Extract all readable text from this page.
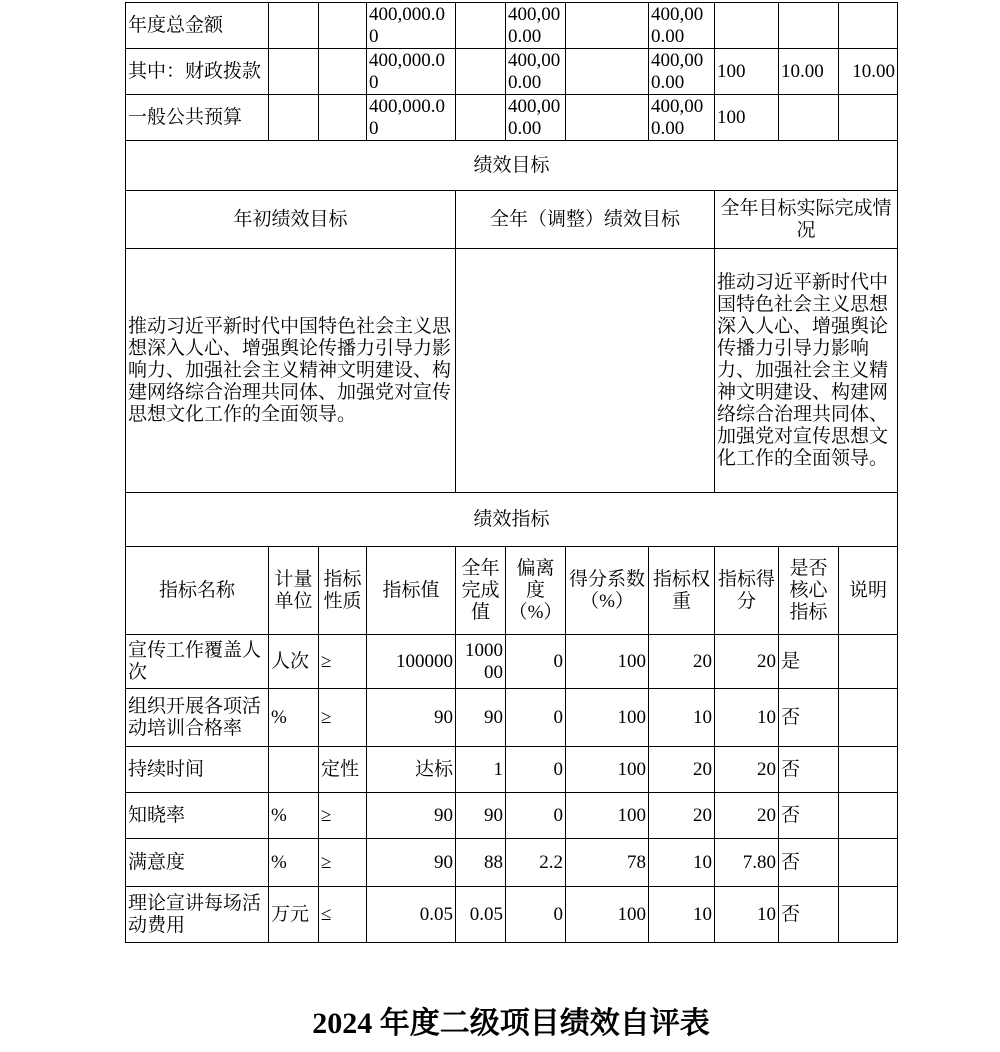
年度总金额			400,000.00		400,000.00		400,000.00			
其中：财政拨款			400,000.00		400,000.00		400,000.00	100	10.00	10.00
一般公共预算			400,000.00		400,000.00		400,000.00	100		
绩效目标										
年初绩效目标				全年（调整）绩效目标				全年目标实际完成情况		
推动习近平新时代中国特色社会主义思想深入人心、增强舆论传播力引导力影响力、加强社会主义精神文明建设、构建网络综合治理共同体、加强党对宣传思想文化工作的全面领导。								推动习近平新时代中国特色社会主义思想深入人心、增强舆论传播力引导力影响力、加强社会主义精神文明建设、构建网络综合治理共同体、加强党对宣传思想文化工作的全面领导。		
绩效指标										
指标名称	计量单位	指标性质	指标值	全年完成值	偏离度（%）	得分系数（%）	指标权重	指标得分	是否核心指标	说明
宣传工作覆盖人次	人次	≥	100000	100000	0	100	20	20	是	
组织开展各项活动培训合格率	%	≥	90	90	0	100	10	10	否	
持续时间		定性	达标	1	0	100	20	20	否	
知晓率	%	≥	90	90	0	100	20	20	否	
满意度	%	≥	90	88	2.2	78	10	7.80	否	
理论宣讲每场活动费用	万元	≤	0.05	0.05	0	100	10	10	否	
2024 年度二级项目绩效自评表
